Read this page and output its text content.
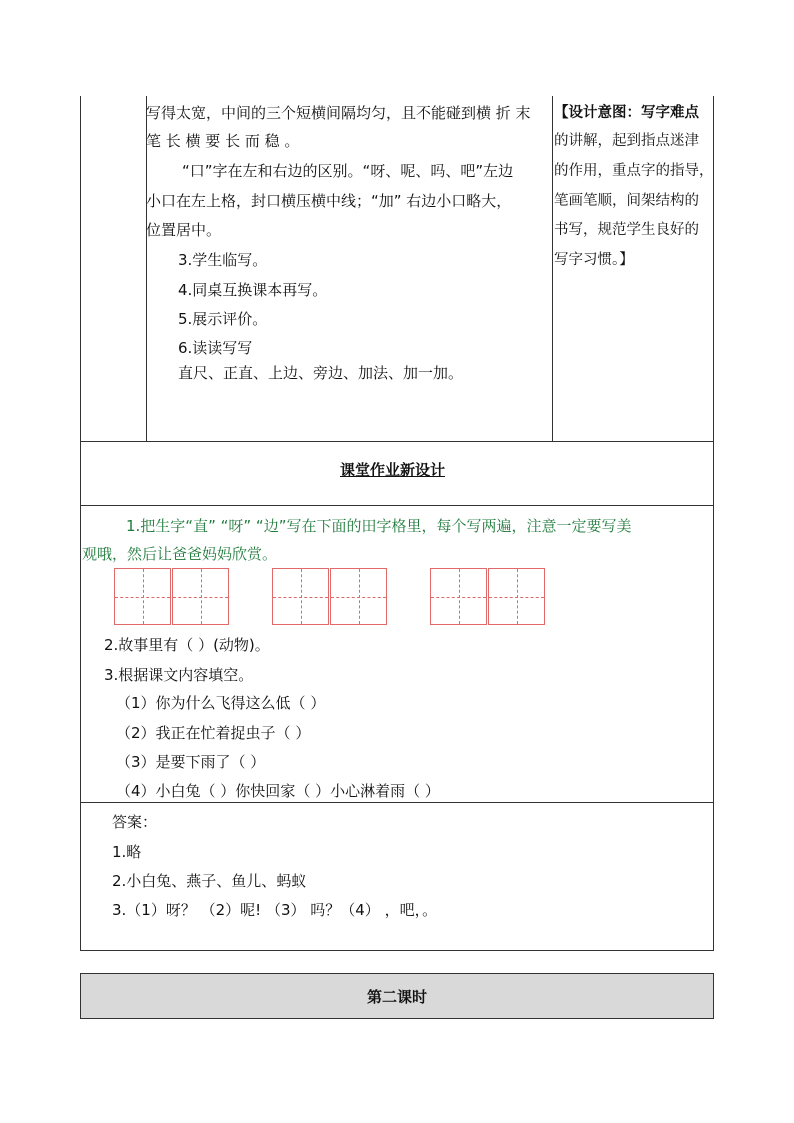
写得太宽，中间的三个短横间隔均匀，且不能碰到横 折 末
笔 长 横 要 长 而 稳 。
“口”字在左和右边的区别。“呀、呢、吗、吧”左边
小口在左上格，封口横压横中线；“加” 右边小口略大，
位置居中。
3.学生临写。
4.同桌互换课本再写。
5.展示评价。
6.读读写写
直尺、正直、上边、旁边、加法、加一加。
【设计意图：写字难点
的讲解，起到指点迷津
的作用，重点字的指导，
笔画笔顺，间架结构的
书写，规范学生良好的
写字习惯。】
课堂作业新设计
1.把生字“直” “呀” “边”写在下面的田字格里，每个写两遍，注意一定要写美
观哦，然后让爸爸妈妈欣赏。
2.故事里有（ ）(动物)。
3.根据课文内容填空。
（1）你为什么飞得这么低（ ）
（2）我正在忙着捉虫子（ ）
（3）是要下雨了（ ）
（4）小白兔（ ）你快回家（ ）小心淋着雨（ ）
答案：
1.略
2.小白兔、燕子、鱼儿、蚂蚁
3.（1）呀？ （2）呢! （3） 吗？（4） ，吧，。
第二课时
